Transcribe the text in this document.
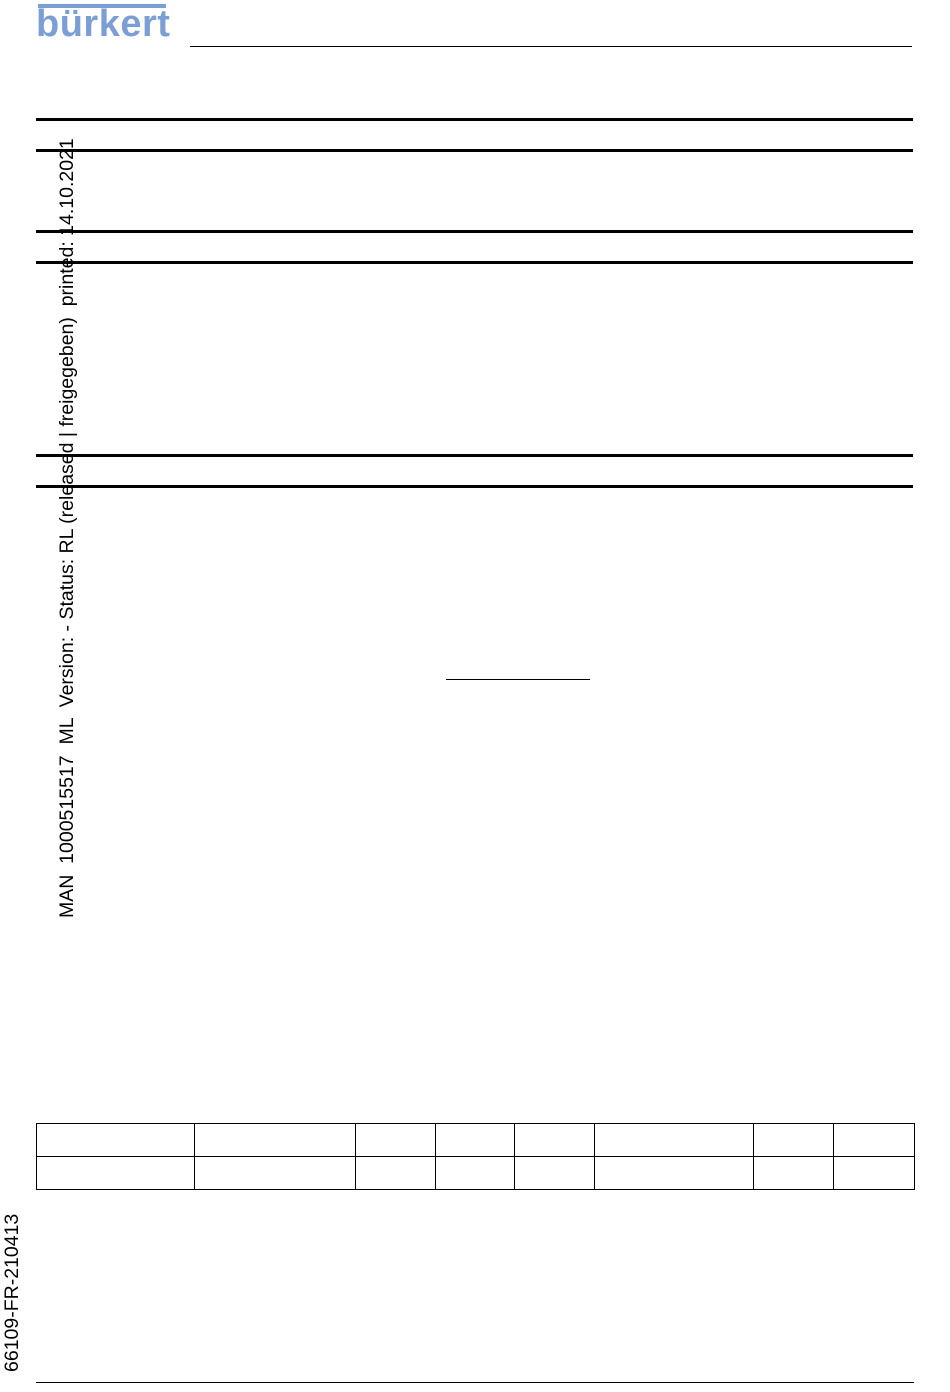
bürkert
MAN  1000515517  ML  Version: - Status: RL (released | freigegeben)  printed: 14.10.2021
66109-FR-210413
